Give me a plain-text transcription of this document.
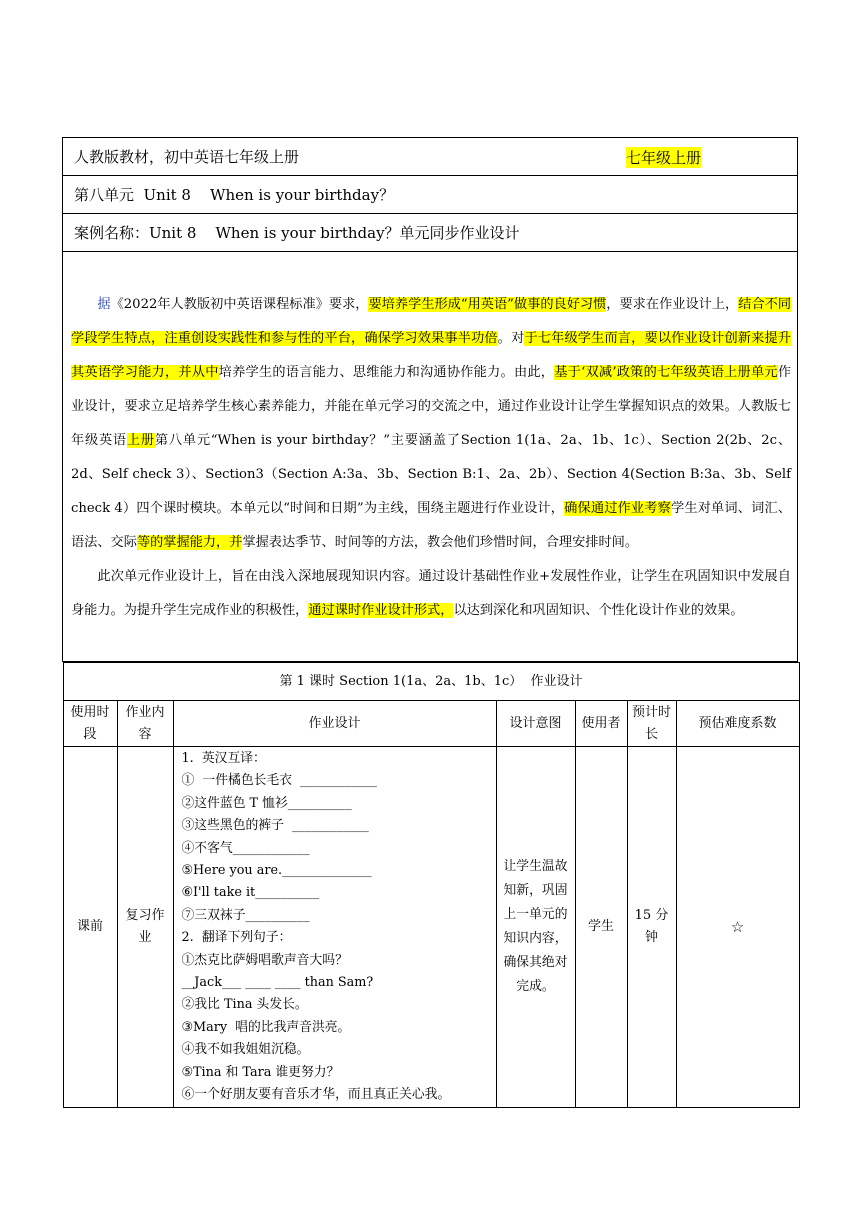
人教版教材，初中英语七年级上册	七年级上册

第八单元  Unit 8    When is your birthday？
案例名称：Unit 8    When is your birthday？单元同步作业设计

据《2022年人教版初中英语课程标准》要求，要培养学生形成“用英语”做事的良好习惯，要求在作业设计上，结合不同学段学生特点，注重创设实践性和参与性的平台，确保学习效果事半功倍。对于七年级学生而言，要以作业设计创新来提升其英语学习能力，并从中培养学生的语言能力、思维能力和沟通协作能力。由此，基于‘双减’政策的七年级英语上册单元作业设计，要求立足培养学生核心素养能力，并能在单元学习的交流之中，通过作业设计让学生掌握知识点的效果。人教版七年级英语上册第八单元“When is your birthday？”主要涵盖了Section 1(1a、2a、1b、1c）、Section 2(2b、2c、2d、Self check 3）、Section3（Section A:3a、3b、Section B:1、2a、2b）、Section 4(Section B:3a、3b、Self check 4）四个课时模块。本单元以“时间和日期”为主线，围绕主题进行作业设计，确保通过作业考察学生对单词、词汇、语法、交际等的掌握能力，并掌握表达季节、时间等的方法，教会他们珍惜时间，合理安排时间。

此次单元作业设计上，旨在由浅入深地展现知识内容。通过设计基础性作业+发展性作业，让学生在巩固知识中发展自身能力。为提升学生完成作业的积极性，通过课时作业设计形式，以达到深化和巩固知识、个性化设计作业的效果。

第 1 课时 Section 1(1a、2a、1b、1c）  作业设计
使用时段	作业内容	作业设计	设计意图	使用者	预计时长	预估难度系数
课前	复习作业	
1.  英汉互译：
①  一件橘色长毛衣  ____________
②这件蓝色 T 恤衫__________
③这些黑色的裤子  ____________
④不客气____________
⑤Here you are.______________
⑥I'll take it__________
⑦三双袜子__________
2.  翻译下列句子：
①杰克比萨姆唱歌声音大吗？
__Jack___ ____ ____ than Sam?
②我比 Tina 头发长。
③Mary  唱的比我声音洪亮。
④我不如我姐姐沉稳。
⑤Tina 和 Tara 谁更努力？
⑥一个好朋友要有音乐才华，而且真正关心我。
	让学生温故知新，巩固上一单元的知识内容，确保其绝对完成。	学生	15 分钟	☆
